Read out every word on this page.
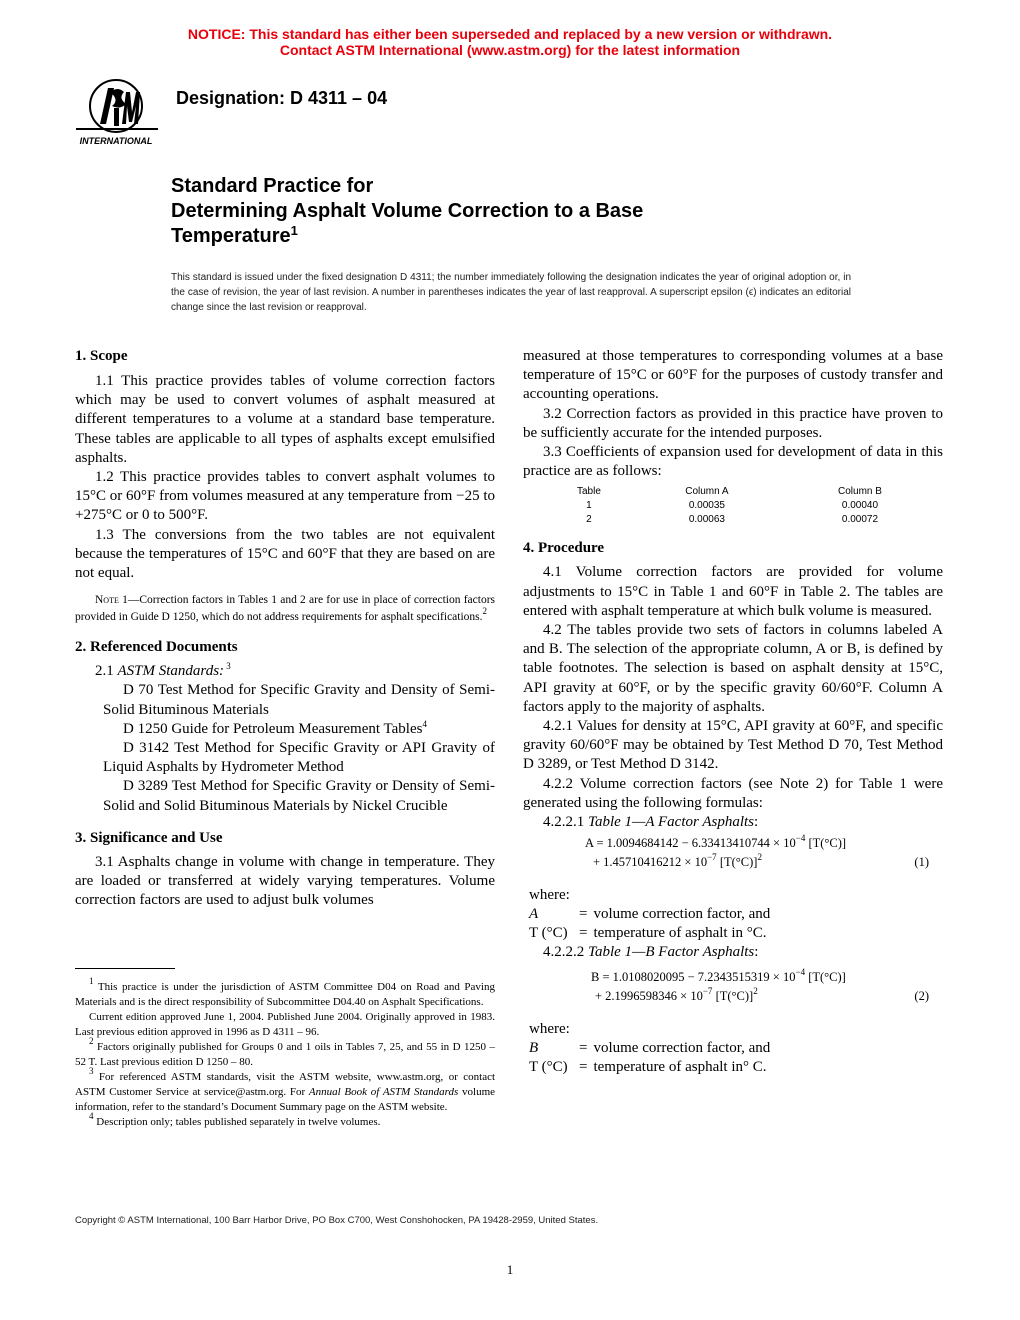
NOTICE: This standard has either been superseded and replaced by a new version or withdrawn.
Contact ASTM International (www.astm.org) for the latest information
INTERNATIONAL
Designation: D 4311 – 04
Standard Practice for
Determining Asphalt Volume Correction to a Base
Temperature$^1$
This standard is issued under the fixed designation D 4311; the number immediately following the designation indicates the year of original adoption or, in the case of revision, the year of last revision. A number in parentheses indicates the year of last reapproval. A superscript epsilon (ϵ) indicates an editorial change since the last revision or reapproval.
1. Scope

1.1 This practice provides tables of volume correction factors which may be used to convert volumes of asphalt measured at different temperatures to a volume at a standard base temperature. These tables are applicable to all types of asphalts except emulsified asphalts.

1.2 This practice provides tables to convert asphalt volumes to 15°C or 60°F from volumes measured at any temperature from −25 to +275°C or 0 to 500°F.

1.3 The conversions from the two tables are not equivalent because the temperatures of 15°C and 60°F that they are based on are not equal.

Note 1—Correction factors in Tables 1 and 2 are for use in place of correction factors provided in Guide D 1250, which do not address requirements for asphalt specifications.$^2$

2. Referenced Documents

2.1 ASTM Standards: $^3$

D 70 Test Method for Specific Gravity and Density of Semi-Solid Bituminous Materials

D 1250 Guide for Petroleum Measurement Tables$^4$

D 3142 Test Method for Specific Gravity or API Gravity of Liquid Asphalts by Hydrometer Method

D 3289 Test Method for Specific Gravity or Density of Semi-Solid and Solid Bituminous Materials by Nickel Crucible

3. Significance and Use

3.1 Asphalts change in volume with change in temperature. They are loaded or transferred at widely varying temperatures. Volume correction factors are used to adjust bulk volumes

$^1$ This practice is under the jurisdiction of ASTM Committee D04 on Road and Paving Materials and is the direct responsibility of Subcommittee D04.40 on Asphalt Specifications.

Current edition approved June 1, 2004. Published June 2004. Originally approved in 1983. Last previous edition approved in 1996 as D 4311 – 96.

$^2$ Factors originally published for Groups 0 and 1 oils in Tables 7, 25, and 55 in D 1250 – 52 T. Last previous edition D 1250 – 80.

$^3$ For referenced ASTM standards, visit the ASTM website, www.astm.org, or contact ASTM Customer Service at service@astm.org. For Annual Book of ASTM Standards volume information, refer to the standard’s Document Summary page on the ASTM website.

$^4$ Description only; tables published separately in twelve volumes.

measured at those temperatures to corresponding volumes at a base temperature of 15°C or 60°F for the purposes of custody transfer and accounting operations.

3.2 Correction factors as provided in this practice have proven to be sufficiently accurate for the intended purposes.

3.3 Coefficients of expansion used for development of data in this practice are as follows:

Table	Column A	Column B
1	0.00035	0.00040
2	0.00063	0.00072
4. Procedure

4.1 Volume correction factors are provided for volume adjustments to 15°C in Table 1 and 60°F in Table 2. The tables are entered with asphalt temperature at which bulk volume is measured.

4.2 The tables provide two sets of factors in columns labeled A and B. The selection of the appropriate column, A or B, is defined by table footnotes. The selection is based on asphalt density at 15°C, API gravity at 60°F, or by the specific gravity 60/60°F. Column A factors apply to the majority of asphalts.

4.2.1 Values for density at 15°C, API gravity at 60°F, and specific gravity 60/60°F may be obtained by Test Method D 70, Test Method D 3289, or Test Method D 3142.

4.2.2 Volume correction factors (see Note 2) for Table 1 were generated using the following formulas:

4.2.2.1 Table 1—A Factor Asphalts:

$A = 1.0094684142 - 6.33413410744 \times 10^{-4}$ [T(°C)]
+ $1.45710416212 \times 10^{-7}$ $[T(^\circ C)]^2$	(1)
where:
A	=	volume correction factor, and
T (°C)	=	temperature of asphalt in °C.

4.2.2.2 Table 1—B Factor Asphalts:

$B = 1.0108020095 - 7.2343515319 \times 10^{-4}$ [T(°C)]
+ $2.1996598346 \times 10^{-7}$ $[T(^\circ C)]^2$	(2)
where:
B	=	volume correction factor, and
T (°C)	=	temperature of asphalt in° C.
Copyright © ASTM International, 100 Barr Harbor Drive, PO Box C700, West Conshohocken, PA 19428-2959, United States.
1
